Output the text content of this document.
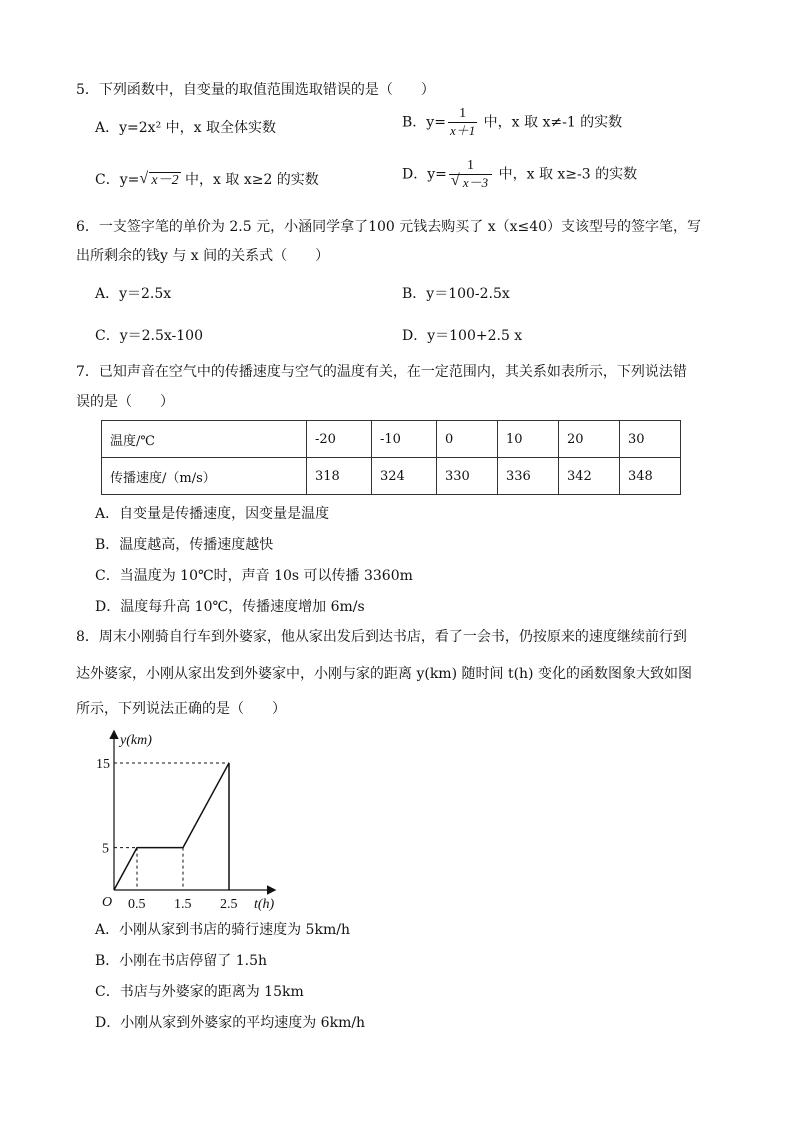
5．下列函数中，自变量的取值范围选取错误的是（　　）
A．y=2x² 中，x 取全体实数	B．$y= \frac{1}{x+1}$ 中，x 取 x≠-1 的实数
C．y= √ x－2 中，x 取 x≥2 的实数	D．$y= \frac{1}{√ x-3}$ 中，x 取 x≥-3 的实数
6．一支签字笔的单价为 2.5 元，小涵同学拿了100 元钱去购买了 x（x≤40）支该型号的签字笔，写
出所剩余的钱y 与 x 间的关系式（　　）
A．y＝2.5x	B．y＝100-2.5x
C．y＝2.5x-100	D．y＝100+2.5 x
7．已知声音在空气中的传播速度与空气的温度有关，在一定范围内，其关系如表所示，下列说法错
误的是（　　）
温度/℃	-20	-10	0	10	20	30
传播速度/（m/s）	318	324	330	336	342	348
A．自变量是传播速度，因变量是温度
B．温度越高，传播速度越快
C．当温度为 10℃时，声音 10s 可以传播 3360m
D．温度每升高 10℃，传播速度增加 6m/s
8．周末小刚骑自行车到外婆家，他从家出发后到达书店，看了一会书，仍按原来的速度继续前行到
达外婆家，小刚从家出发到外婆家中，小刚与家的距离 y(km) 随时间 t(h) 变化的函数图象大致如图
所示，下列说法正确的是（　　）
0.5 1.5 2.5
5
15
y(km)
t(h)
O
A．小刚从家到书店的骑行速度为 5km/h
B．小刚在书店停留了 1.5h
C．书店与外婆家的距离为 15km
D．小刚从家到外婆家的平均速度为 6km/h
